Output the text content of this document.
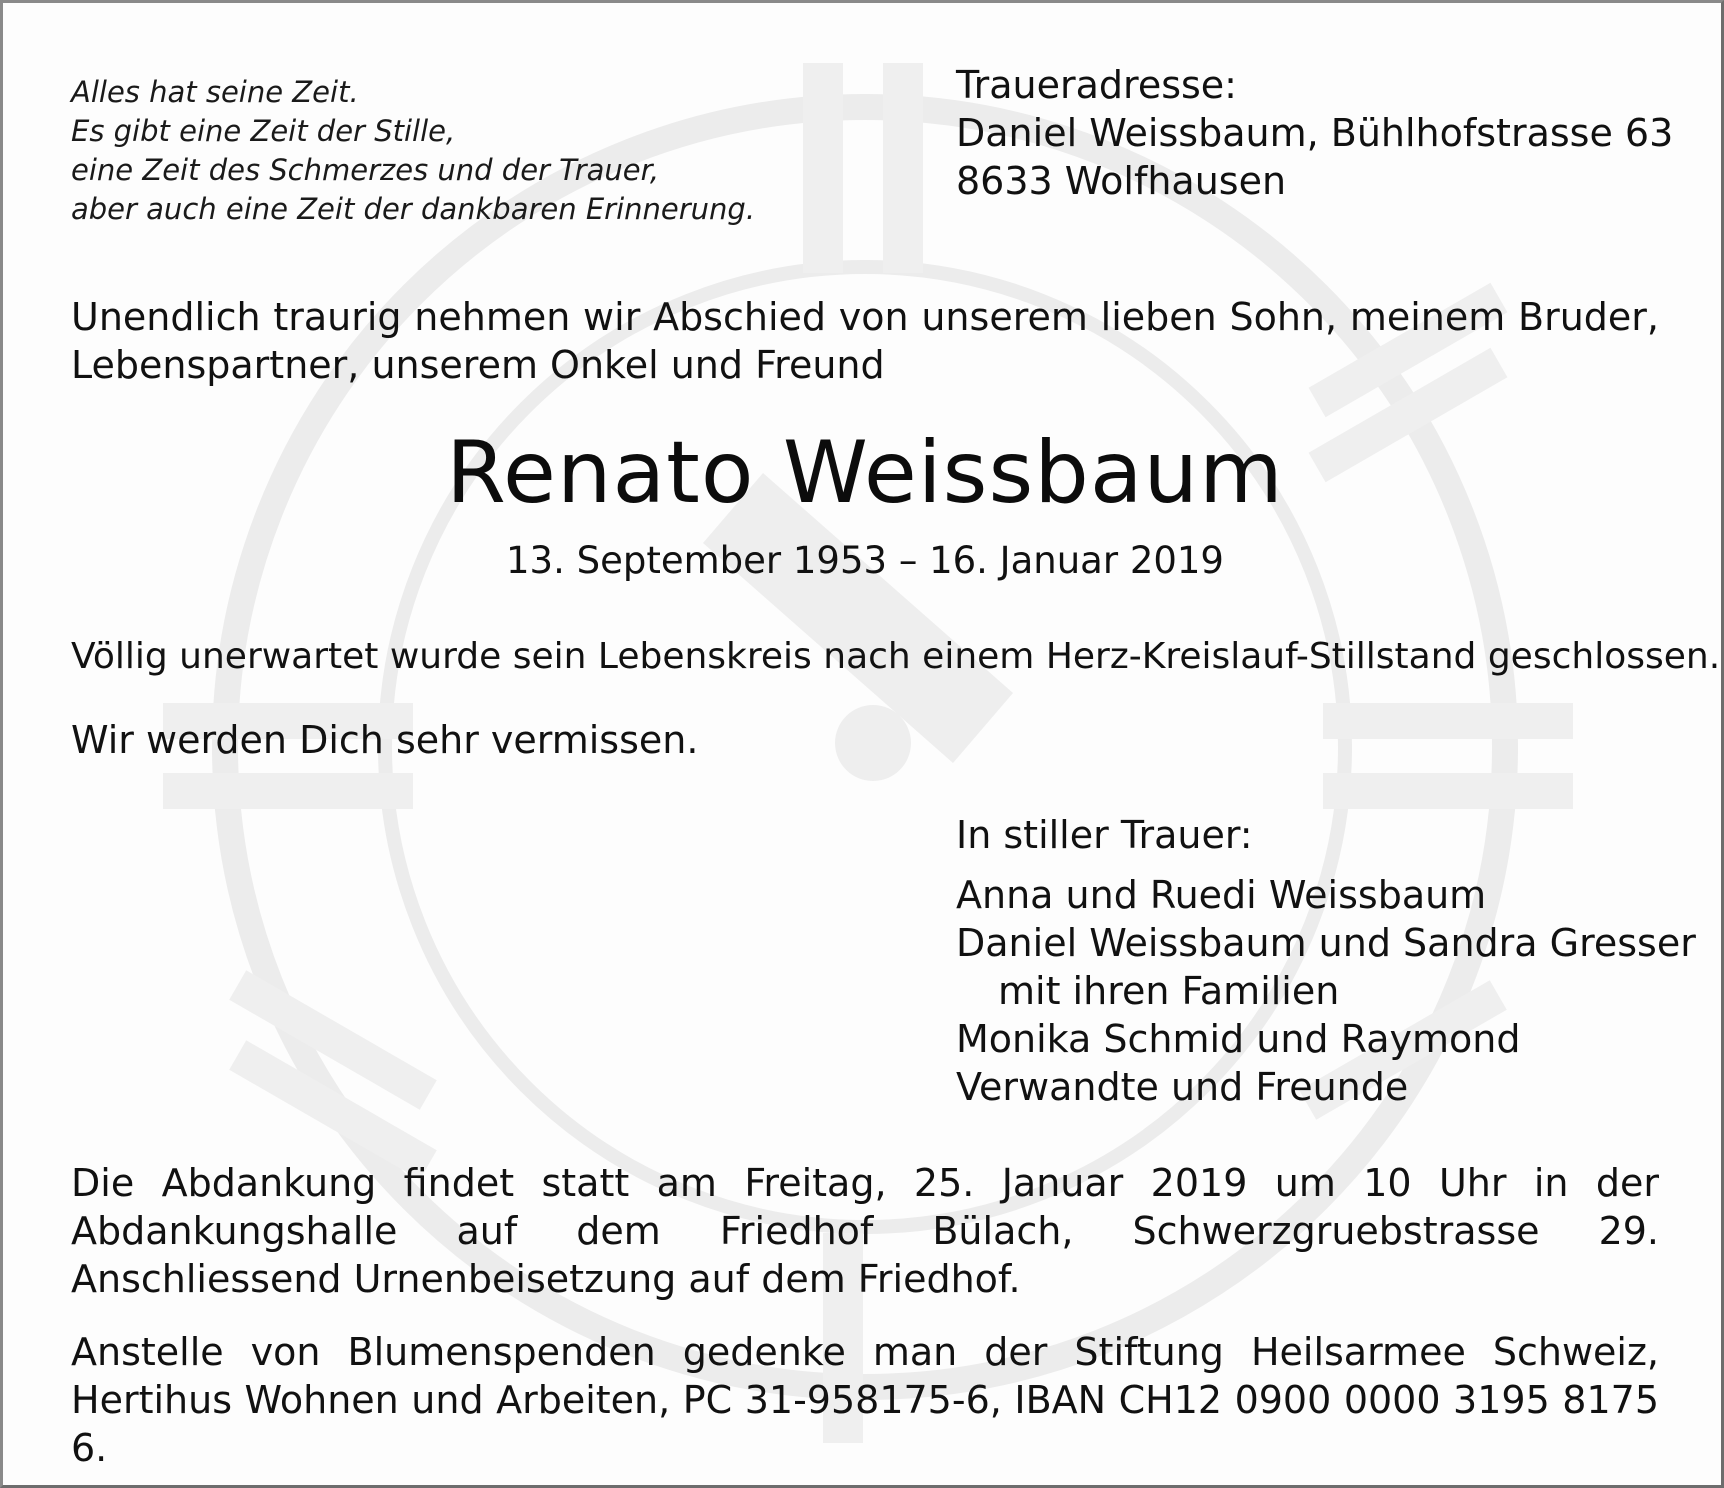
Alles hat seine Zeit.
Es gibt eine Zeit der Stille,
eine Zeit des Schmerzes und der Trauer,
aber auch eine Zeit der dankbaren Erinnerung.
Traueradresse:
Daniel Weissbaum, Bühlhofstrasse 63
8633 Wolfhausen
Unendlich traurig nehmen wir Abschied von unserem lieben Sohn, meinem Bruder, Lebenspartner, unserem Onkel und Freund
Renato Weissbaum
13. September 1953 – 16. Januar 2019
Völlig unerwartet wurde sein Lebenskreis nach einem Herz-Kreislauf-Stillstand geschlossen.
Wir werden Dich sehr vermissen.
In stiller Trauer:
Anna und Ruedi Weissbaum
Daniel Weissbaum und Sandra Gresser
mit ihren Familien
Monika Schmid und Raymond
Verwandte und Freunde
Die Abdankung findet statt am Freitag, 25. Januar 2019 um 10 Uhr in der Abdankungshalle auf dem Friedhof Bülach, Schwerzgruebstrasse 29. Anschliessend Urnenbeisetzung auf dem Friedhof.
Anstelle von Blumenspenden gedenke man der Stiftung Heilsarmee Schweiz, Hertihus Wohnen und Arbeiten, PC 31-958175-6, IBAN CH12 0900 0000 3195 8175 6.
